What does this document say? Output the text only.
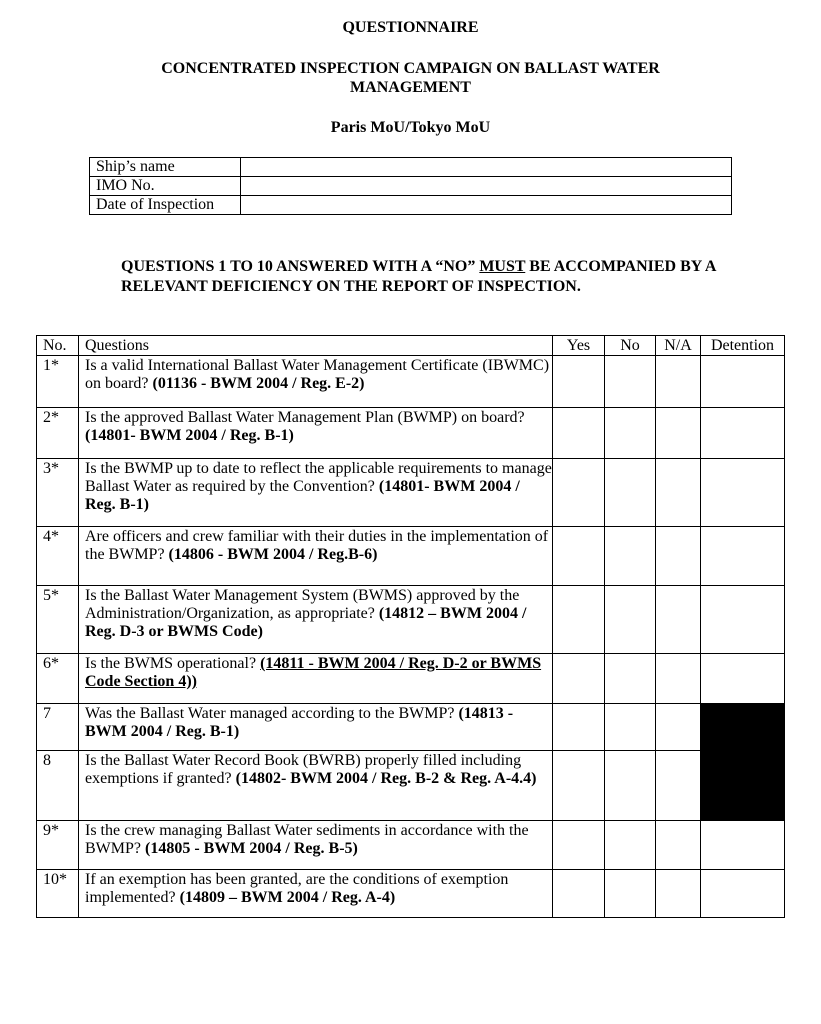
QUESTIONNAIRE
CONCENTRATED INSPECTION CAMPAIGN ON BALLAST WATER
MANAGEMENT
Paris MoU/Tokyo MoU
Ship’s name	
IMO No.	
Date of Inspection	
QUESTIONS 1 TO 10 ANSWERED WITH A “NO” MUST BE ACCOMPANIED BY A RELEVANT DEFICIENCY ON THE REPORT OF INSPECTION.
No.	Questions	Yes	No	N/A	Detention
1*	Is a valid International Ballast Water Management Certificate (IBWMC) on board? (01136 - BWM 2004 / Reg. E-2)				
2*	Is the approved Ballast Water Management Plan (BWMP) on board? (14801- BWM 2004 / Reg. B-1)				
3*	Is the BWMP up to date to reflect the applicable requirements to manage Ballast Water as required by the Convention? (14801- BWM 2004 / Reg. B-1)				
4*	Are officers and crew familiar with their duties in the implementation of the BWMP? (14806 - BWM 2004 / Reg.B-6)				
5*	Is the Ballast Water Management System (BWMS) approved by the Administration/Organization, as appropriate? (14812 – BWM 2004 / Reg. D-3 or BWMS Code)				
6*	Is the BWMS operational? (14811 - BWM 2004 / Reg. D-2 or BWMS Code Section 4))				
7	Was the Ballast Water managed according to the BWMP? (14813 - BWM 2004 / Reg. B-1)				
8	Is the Ballast Water Record Book (BWRB) properly filled including exemptions if granted? (14802- BWM 2004 / Reg. B-2 & Reg. A-4.4)				
9*	Is the crew managing Ballast Water sediments in accordance with the BWMP? (14805 - BWM 2004 / Reg. B-5)				
10*	If an exemption has been granted, are the conditions of exemption implemented? (14809 – BWM 2004 / Reg. A-4)				
